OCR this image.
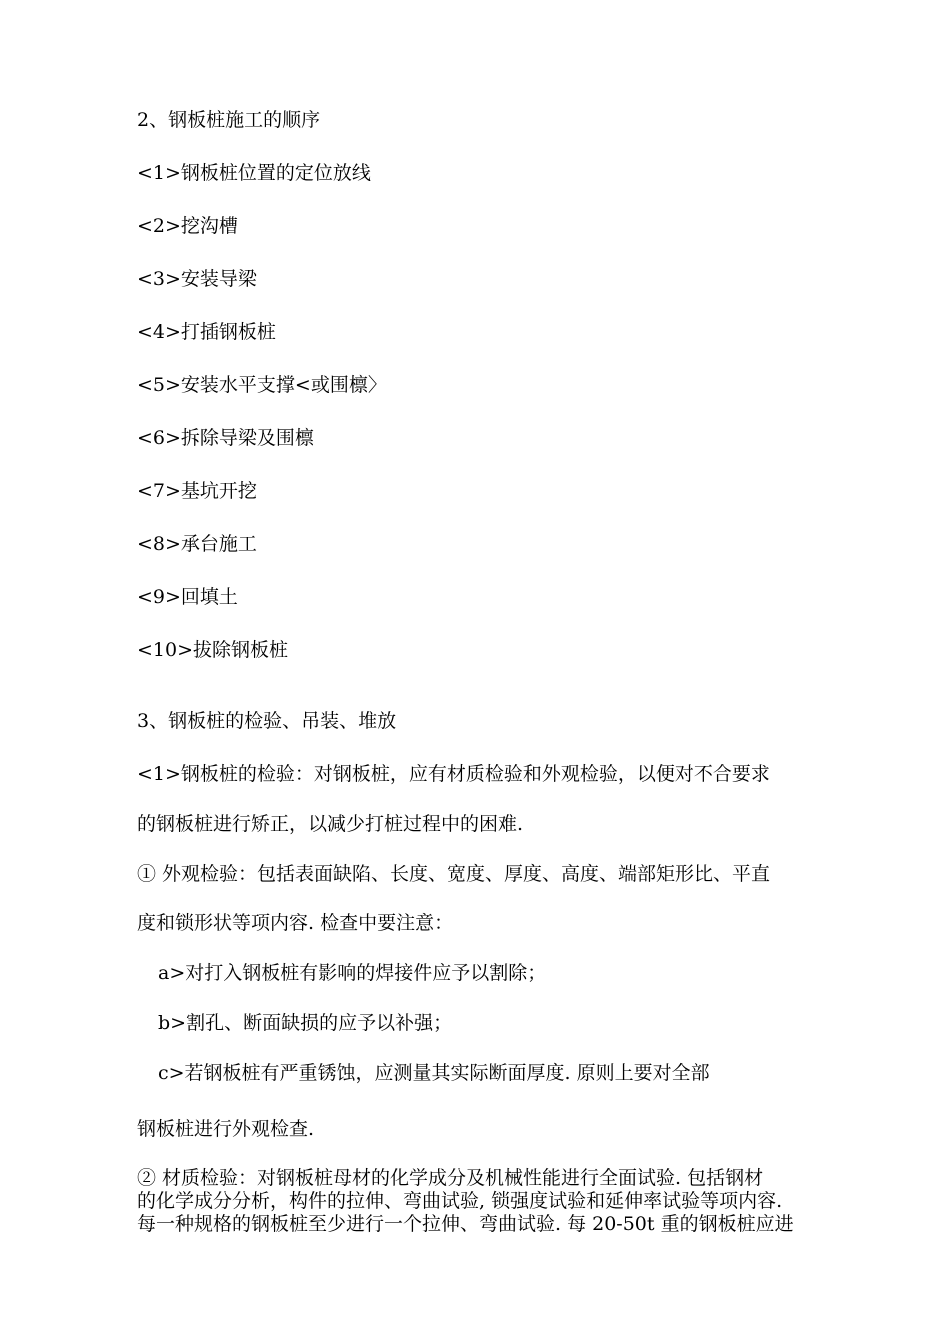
2、钢板桩施工的顺序
<1>钢板桩位置的定位放线
<2>挖沟槽
<3>安装导梁
<4>打插钢板桩
<5>安装水平支撑<或围檩〉
<6>拆除导梁及围檩
<7>基坑开挖
<8>承台施工
<9>回填土
<10>拔除钢板桩
3、钢板桩的检验、吊装、堆放
<1>钢板桩的检验：对钢板桩，应有材质检验和外观检验，以便对不合要求
的钢板桩进行矫正，以减少打桩过程中的困难.
① 外观检验：包括表面缺陷、长度、宽度、厚度、高度、端部矩形比、平直
度和锁形状等项内容. 检查中要注意：
a>对打入钢板桩有影响的焊接件应予以割除；
b>割孔、断面缺损的应予以补强；
c>若钢板桩有严重锈蚀，应测量其实际断面厚度. 原则上要对全部
钢板桩进行外观检查.
② 材质检验：对钢板桩母材的化学成分及机械性能进行全面试验. 包括钢材
的化学成分分析，构件的拉伸、弯曲试验, 锁强度试验和延伸率试验等项内容.
每一种规格的钢板桩至少进行一个拉伸、弯曲试验. 每 20-50t 重的钢板桩应进
